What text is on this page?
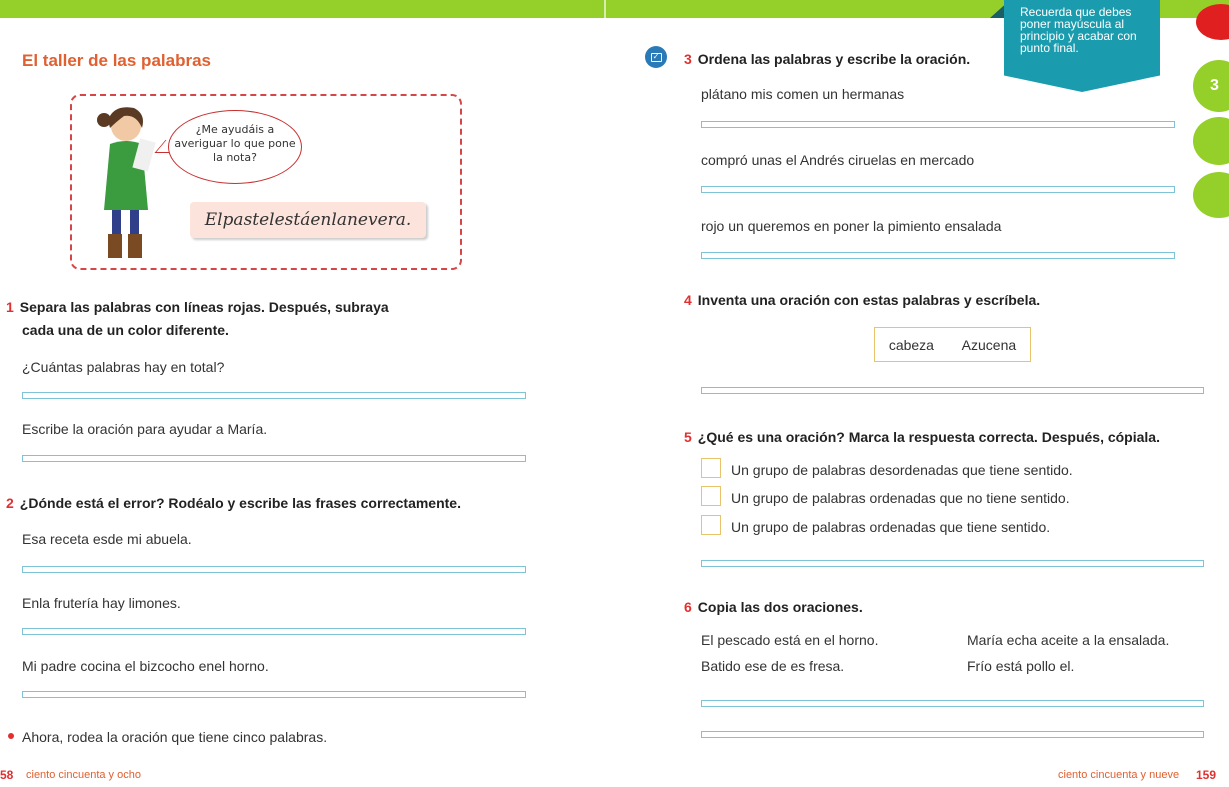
Recuerda que debes poner mayúscula al principio y acabar con punto final.
3
El taller de las palabras
¿Me ayudáis a averiguar lo que pone la nota?
Elpastelestáenlanevera.
1 Separa las palabras con líneas rojas. Después, subraya
cada una de un color diferente.
¿Cuántas palabras hay en total?
Escribe la oración para ayudar a María.
2 ¿Dónde está el error? Rodéalo y escribe las frases correctamente.
Esa receta esde mi abuela.
Enla frutería hay limones.
Mi padre cocina el bizcocho enel horno.
Ahora, rodea la oración que tiene cinco palabras.
✓ 3 Ordena las palabras y escribe la oración.
plátano mis comen un hermanas
compró unas el Andrés ciruelas en mercado
rojo un queremos en poner la pimiento ensalada
4 Inventa una oración con estas palabras y escríbela.
cabeza Azucena
5 ¿Qué es una oración? Marca la respuesta correcta. Después, cópiala.
Un grupo de palabras desordenadas que tiene sentido.
Un grupo de palabras ordenadas que no tiene sentido.
Un grupo de palabras ordenadas que tiene sentido.
6 Copia las dos oraciones.
El pescado está en el horno.	María echa aceite a la ensalada.
Batido ese de es fresa.	Frío está pollo el.
58 ciento cincuenta y ocho	ciento cincuenta y nueve 159
